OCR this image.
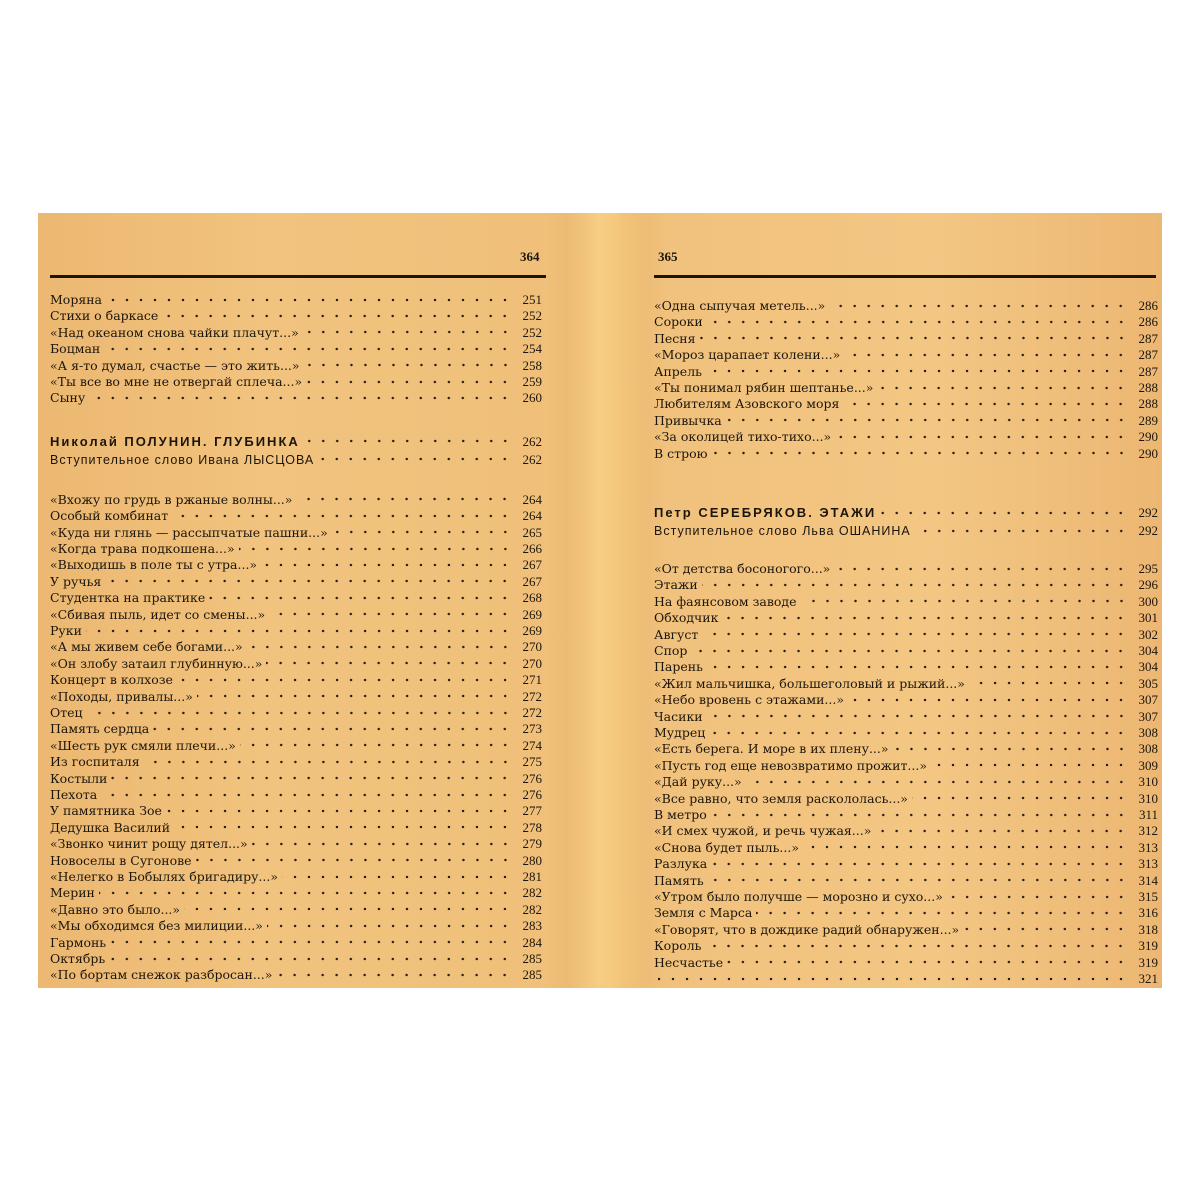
364
Моряна	251
Стихи о баркасе	252
«Над океаном снова чайки плачут...»	252
Боцман	254
«А я-то думал, счастье — это жить...»	258
«Ты все во мне не отвергай сплеча...»	259
Сыну	260
Николай ПОЛУНИН. ГЛУБИНКА	262
Вступительное слово Ивана ЛЫСЦОВА	262
«Вхожу по грудь в ржаные волны...»	264
Особый комбинат	264
«Куда ни глянь — рассыпчатые пашни...»	265
«Когда трава подкошена...»	266
«Выходишь в поле ты с утра...»	267
У ручья	267
Студентка на практике	268
«Сбивая пыль, идет со смены...»	269
Руки	269
«А мы живем себе богами...»	270
«Он злобу затаил глубинную...»	270
Концерт в колхозе	271
«Походы, привалы...»	272
Отец	272
Память сердца	273
«Шесть рук смяли плечи...»	274
Из госпиталя	275
Костыли	276
Пехота	276
У памятника Зое	277
Дедушка Василий	278
«Звонко чинит рощу дятел...»	279
Новоселы в Сугонове	280
«Нелегко в Бобылях бригадиру...»	281
Мерин	282
«Давно это было...»	282
«Мы обходимся без милиции...»	283
Гармонь	284
Октябрь	285
«По бортам снежок разбросан...»	285
365
«Одна сыпучая метель...»	286
Сороки	286
Песня	287
«Мороз царапает колени...»	287
Апрель	287
«Ты понимал рябин шептанье...»	288
Любителям Азовского моря	288
Привычка	289
«За околицей тихо-тихо...»	290
В строю	290
Петр СЕРЕБРЯКОВ. ЭТАЖИ	292
Вступительное слово Льва ОШАНИНА	292
«От детства босоногого...»	295
Этажи	296
На фаянсовом заводе	300
Обходчик	301
Август	302
Спор	304
Парень	304
«Жил мальчишка, большеголовый и рыжий...»	305
«Небо вровень с этажами...»	307
Часики	307
Мудрец	308
«Есть берега. И море в их плену...»	308
«Пусть год еще невозвратимо прожит...»	309
«Дай руку...»	310
«Все равно, что земля раскололась...»	310
В метро	311
«И смех чужой, и речь чужая...»	312
«Снова будет пыль...»	313
Разлука	313
Память	314
«Утром было получше — морозно и сухо...»	315
Земля с Марса	316
«Говорят, что в дождике радий обнаружен...»	318
Король	319
Несчастье	319
321
